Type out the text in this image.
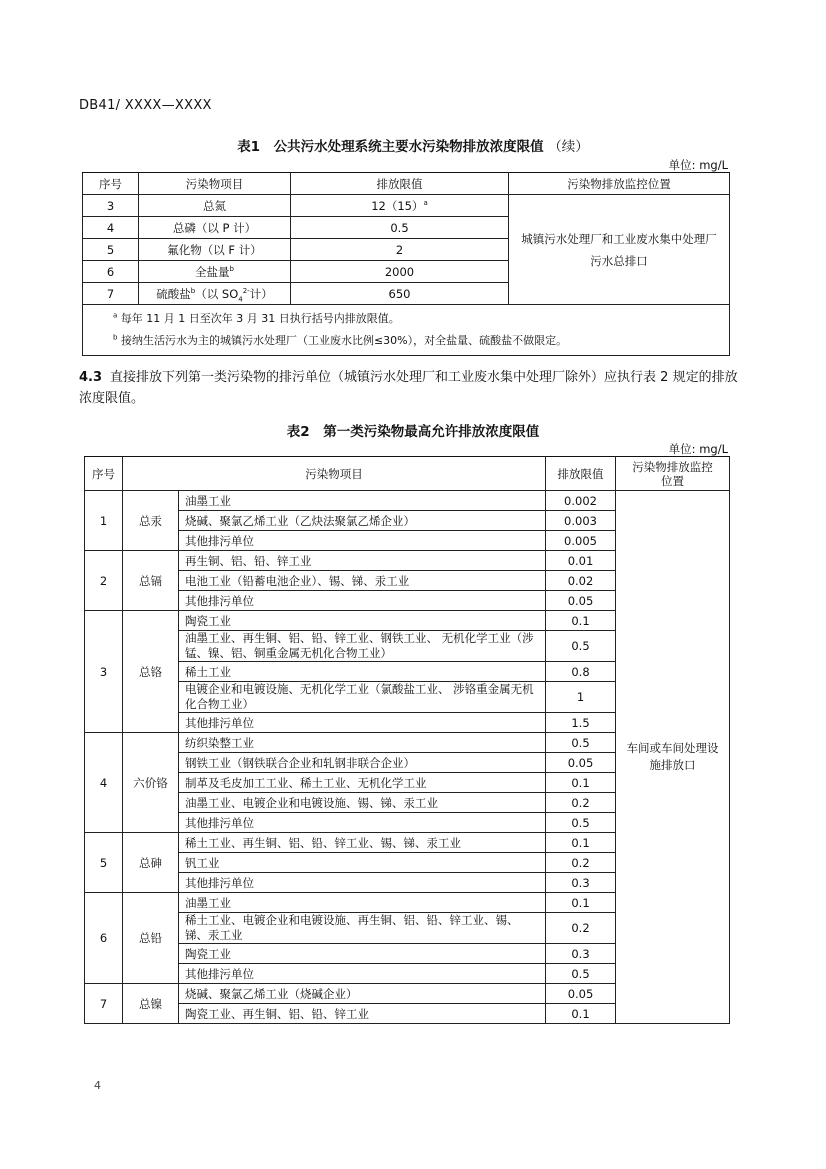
DB41/ XXXX—XXXX
表1　公共污水处理系统主要水污染物排放浓度限值 （续）
单位: mg/L
序号	污染物项目	排放限值	污染物排放监控位置
3	总氮	$12(15)^a$	城镇污水处理厂和工业废水集中处理厂污水总排口
4	总磷（以 P 计）	0.5	
5	氟化物（以 F 计）	2	
6	全盐量$^b$	2000	
7	硫酸盐$^b$（以 $SO_4^{2-}$计）	650	

$^a$ 每年 11 月 1 日至次年 3 月 31 日执行括号内排放限值。
$^b$ 接纳生活污水为主的城镇污水处理厂（工业废水比例≤30%），对全盐量、硫酸盐不做限定。			
4.3 直接排放下列第一类污染物的排污单位（城镇污水处理厂和工业废水集中处理厂除外）应执行表 2 规定的排放浓度限值。
表2　第一类污染物最高允许排放浓度限值
单位: mg/L
序号	污染物项目		排放限值	污染物排放监控位置
1	总汞	油墨工业	0.002	车间或车间处理设施排放口
		烧碱、聚氯乙烯工业（乙炔法聚氯乙烯企业）	0.003	
		其他排污单位	0.005	
2	总镉	再生铜、铝、铅、锌工业	0.01	
		电池工业（铅蓄电池企业）、锡、锑、汞工业	0.02	
		其他排污单位	0.05	
3	总铬	陶瓷工业	0.1	
		油墨工业、再生铜、铝、铅、锌工业、钢铁工业、 无机化学工业（涉锰、镍、铝、铜重金属无机化合物工业）	0.5	
		稀土工业	0.8	
		电镀企业和电镀设施、无机化学工业（氯酸盐工业、 涉铬重金属无机化合物工业）	1	
		其他排污单位	1.5	
4	六价铬	纺织染整工业	0.5	
		钢铁工业（钢铁联合企业和轧钢非联合企业）	0.05	
		制革及毛皮加工工业、稀土工业、无机化学工业	0.1	
		油墨工业、电镀企业和电镀设施、锡、锑、汞工业	0.2	
		其他排污单位	0.5	
5	总砷	稀土工业、再生铜、铝、铅、锌工业、锡、锑、汞工业	0.1	
		钒工业	0.2	
		其他排污单位	0.3	
6	总铅	油墨工业	0.1	
		稀土工业、电镀企业和电镀设施、再生铜、铝、铅、锌工业、锡、锑、汞工业	0.2	
		陶瓷工业	0.3	
		其他排污单位	0.5	
7	总镍	烧碱、聚氯乙烯工业（烧碱企业）	0.05	
		陶瓷工业、再生铜、铝、铅、锌工业	0.1	
4
